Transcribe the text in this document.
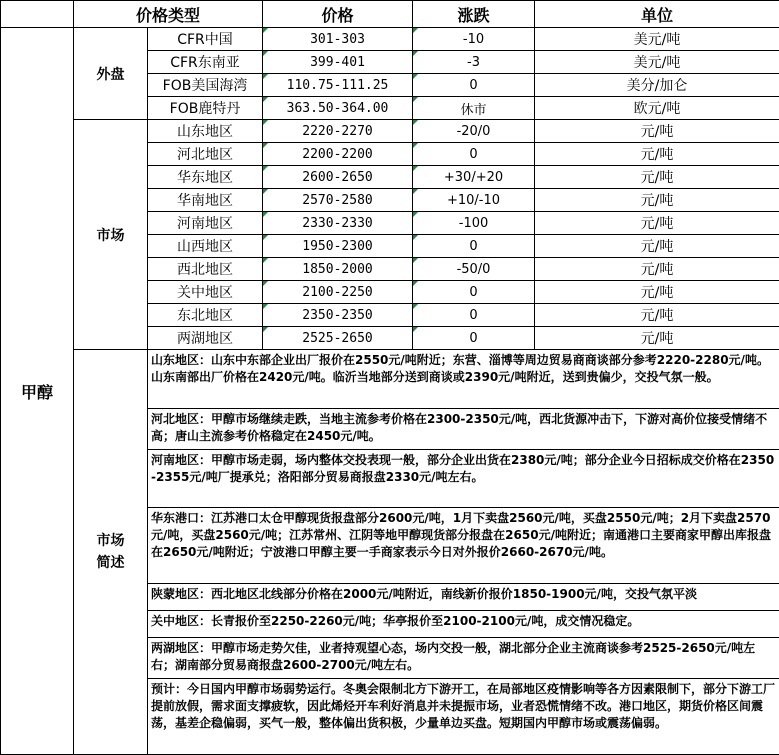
	价格类型		价格	涨跌	单位
甲醇	外盘	CFR中国	301-303	-10	美元/吨
		CFR东南亚	399-401	-3	美元/吨
		FOB美国海湾	110.75-111.25	0	美分/加仑
		FOB鹿特丹	363.50-364.00	休市	欧元/吨
	市场	山东地区	2220-2270	-20/0	元/吨
		河北地区	2200-2200	0	元/吨
		华东地区	2600-2650	+30/+20	元/吨
		华南地区	2570-2580	+10/-10	元/吨
		河南地区	2330-2330	-100	元/吨
		山西地区	1950-2300	0	元/吨
		西北地区	1850-2000	-50/0	元/吨
		关中地区	2100-2250	0	元/吨
		东北地区	2350-2350	0	元/吨
		两湖地区	2525-2650	0	元/吨
	市场简述	山东地区：山东中东部企业出厂报价在2550元/吨附近；东营、淄博等周边贸易商商谈部分参考2220-2280元/吨。山东南部出厂价格在2420元/吨。临沂当地部分送到商谈或2390元/吨附近，送到贵偏少，交投气氛一般。			
		河北地区：甲醇市场继续走跌，当地主流参考价格在2300-2350元/吨，西北货源冲击下，下游对高价位接受情绪不高；唐山主流参考价格稳定在2450元/吨。			
		河南地区：甲醇市场走弱，场内整体交投表现一般，部分企业出货在2380元/吨；部分企业今日招标成交价格在2350-2355元/吨厂提承兑；洛阳部分贸易商报盘2330元/吨左右。			
		华东港口：江苏港口太仓甲醇现货报盘部分2600元/吨，1月下卖盘2560元/吨，买盘2550元/吨；2月下卖盘2570元/吨，买盘2560元/吨；江苏常州、江阴等地甲醇现货部分报盘在2650元/吨附近；南通港口主要商家甲醇出库报盘在2650元/吨附近；宁波港口甲醇主要一手商家表示今日对外报价2660-2670元/吨。			
		陕蒙地区：西北地区北线部分价格在2000元/吨附近，南线新价报价1850-1900元/吨，交投气氛平淡			
		关中地区：长青报价至2250-2260元/吨；华亭报价至2100-2100元/吨，成交情况稳定。			
		两湖地区：甲醇市场走势欠佳，业者持观望心态，场内交投一般，湖北部分企业主流商谈参考2525-2650元/吨左右；湖南部分贸易商报盘2600-2700元/吨左右。			
		预计：今日国内甲醇市场弱势运行。冬奥会限制北方下游开工，在局部地区疫情影响等各方因素限制下，部分下游工厂提前放假，需求面支撑疲软，因此烯烃开车利好消息并未提振市场，业者恐慌情绪不改。港口地区，期货价格区间震荡，基差企稳偏弱，买气一般，整体偏出货积极，少量单边买盘。短期国内甲醇市场或震荡偏弱。			
